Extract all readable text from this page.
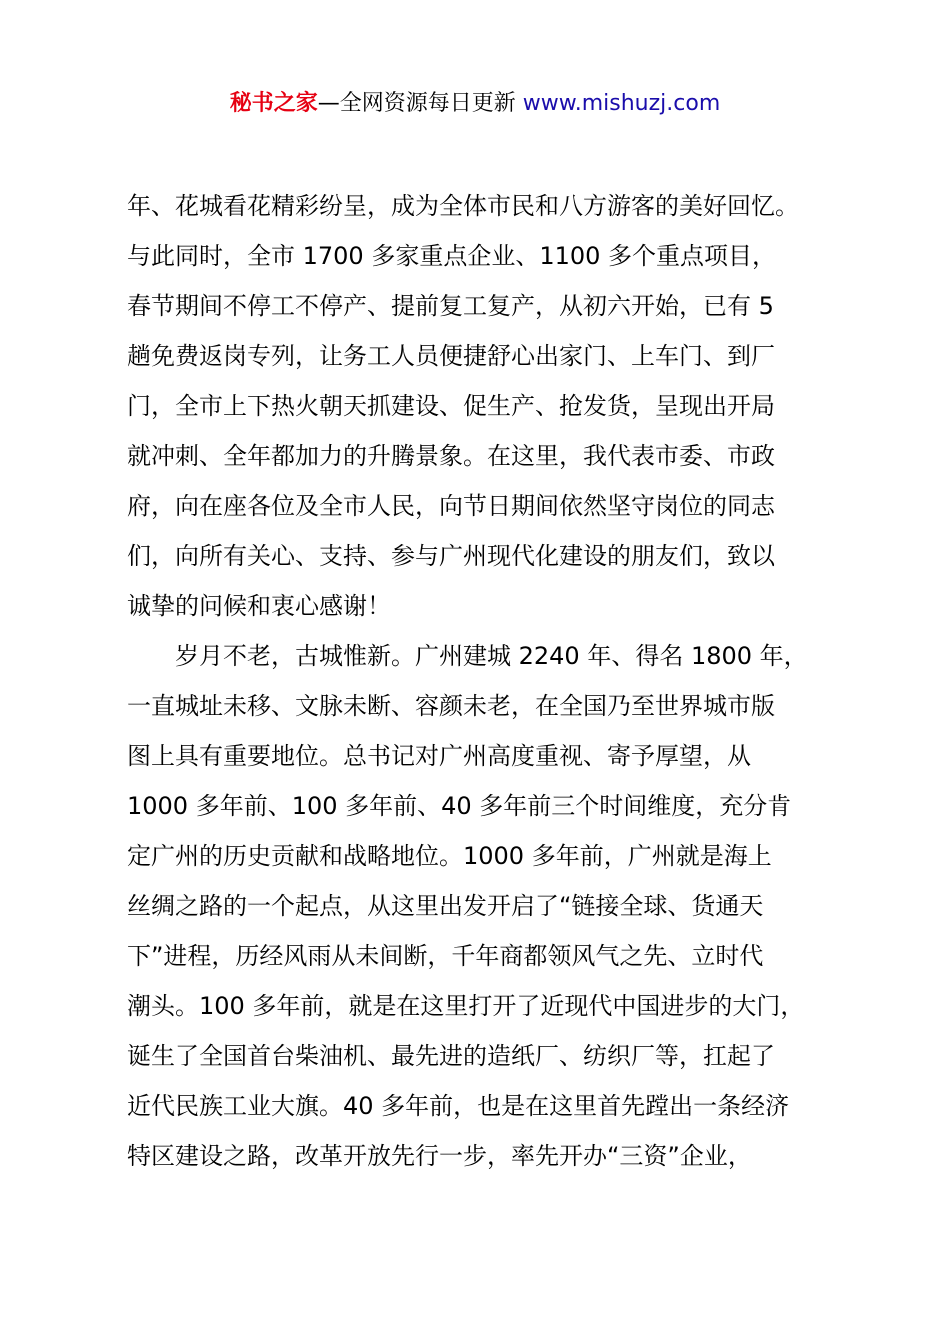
秘书之家—全网资源每日更新 www.mishuzj.com
年、花城看花精彩纷呈，成为全体市民和八方游客的美好回忆。
与此同时，全市 1700 多家重点企业、1100 多个重点项目，
春节期间不停工不停产、提前复工复产，从初六开始，已有 5
趟免费返岗专列，让务工人员便捷舒心出家门、上车门、到厂
门，全市上下热火朝天抓建设、促生产、抢发货，呈现出开局
就冲刺、全年都加力的升腾景象。在这里，我代表市委、市政
府，向在座各位及全市人民，向节日期间依然坚守岗位的同志
们，向所有关心、支持、参与广州现代化建设的朋友们，致以
诚挚的问候和衷心感谢！
　　岁月不老，古城惟新。广州建城 2240 年、得名 1800 年，
一直城址未移、文脉未断、容颜未老，在全国乃至世界城市版
图上具有重要地位。总书记对广州高度重视、寄予厚望，从
1000 多年前、100 多年前、40 多年前三个时间维度，充分肯
定广州的历史贡献和战略地位。1000 多年前，广州就是海上
丝绸之路的一个起点，从这里出发开启了“链接全球、货通天
下”进程，历经风雨从未间断，千年商都领风气之先、立时代
潮头。100 多年前，就是在这里打开了近现代中国进步的大门，
诞生了全国首台柴油机、最先进的造纸厂、纺织厂等，扛起了
近代民族工业大旗。40 多年前，也是在这里首先蹚出一条经济
特区建设之路，改革开放先行一步，率先开办“三资”企业，
